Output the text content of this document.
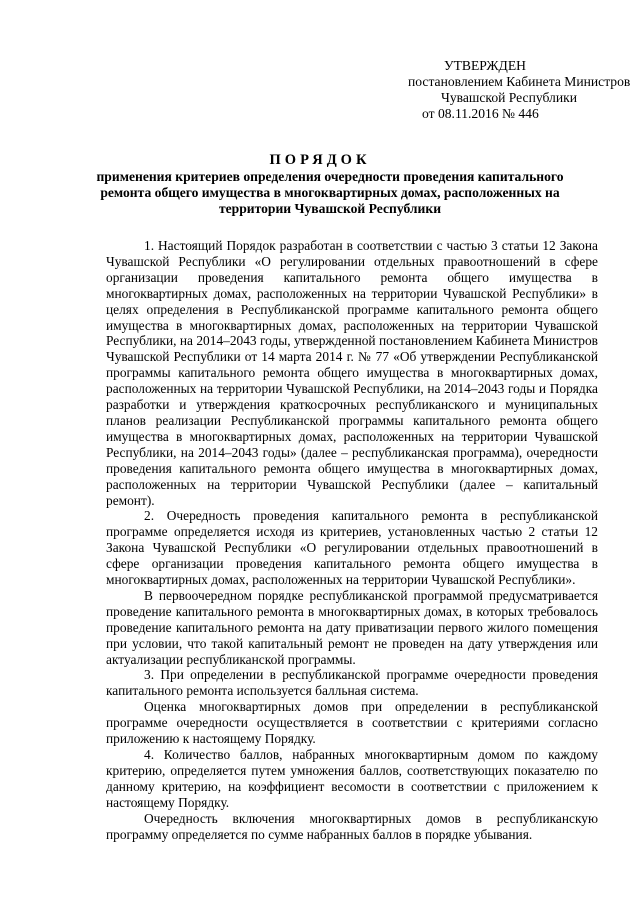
УТВЕРЖДЕН
постановлением Кабинета Министров
Чувашской Республики
от 08.11.2016 № 446
ПОРЯДОК
применения критериев определения очередности проведения капитального ремонта общего имущества в многоквартирных домах, расположенных на территории Чувашской Республики

1. Настоящий Порядок разработан в соответствии с частью 3 статьи 12 Закона Чувашской Республики «О регулировании отдельных правоотношений в сфере организации проведения капитального ремонта общего имущества в многоквартирных домах, расположенных на территории Чувашской Республики» в целях определения в Республиканской программе капитального ремонта общего имущества в многоквартирных домах, расположенных на территории Чувашской Республики, на 2014–2043 годы, утвержденной постановлением Кабинета Министров Чувашской Республики от 14 марта 2014 г. № 77 «Об утверждении Республиканской программы капитального ремонта общего имущества в многоквартирных домах, расположенных на территории Чувашской Республики, на 2014–2043 годы и Порядка разработки и утверждения краткосрочных республиканского и муниципальных планов реализации Республиканской программы капитального ремонта общего имущества в многоквартирных домах, расположенных на территории Чувашской Республики, на 2014–2043 годы» (далее – республиканская программа), очередности проведения капитального ремонта общего имущества в многоквартирных домах, расположенных на территории Чувашской Республики (далее – капитальный ремонт).

2. Очередность проведения капитального ремонта в республиканской программе определяется исходя из критериев, установленных частью 2 статьи 12 Закона Чувашской Республики «О регулировании отдельных правоотношений в сфере организации проведения капитального ремонта общего имущества в многоквартирных домах, расположенных на территории Чувашской Республики».

В первоочередном порядке республиканской программой предусматривается проведение капитального ремонта в многоквартирных домах, в которых требовалось проведение капитального ремонта на дату приватизации первого жилого помещения при условии, что такой капитальный ремонт не проведен на дату утверждения или актуализации республиканской программы.

3. При определении в республиканской программе очередности проведения капитального ремонта используется балльная система.

Оценка многоквартирных домов при определении в республиканской программе очередности осуществляется в соответствии с критериями согласно приложению к настоящему Порядку.

4. Количество баллов, набранных многоквартирным домом по каждому критерию, определяется путем умножения баллов, соответствующих показателю по данному критерию, на коэффициент весомости в соответствии с приложением к настоящему Порядку.

Очередность включения многоквартирных домов в республиканскую программу определяется по сумме набранных баллов в порядке убывания.
